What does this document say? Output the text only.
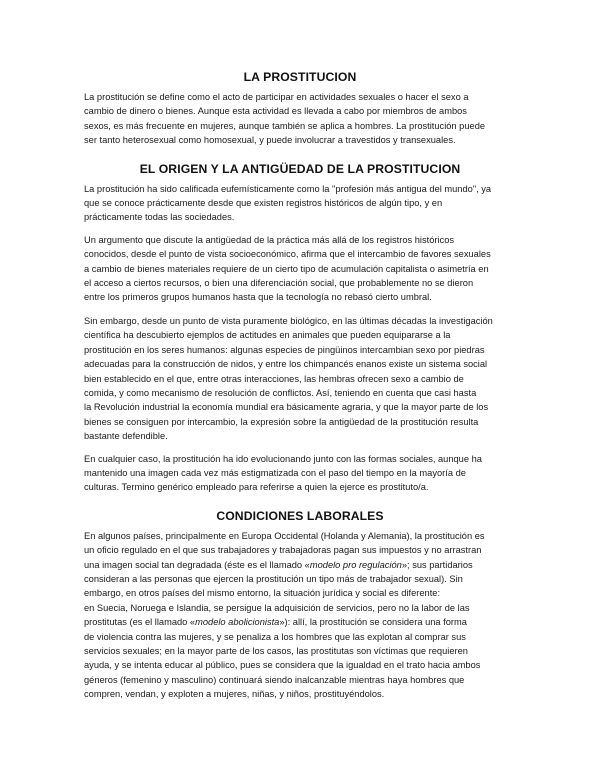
LA PROSTITUCION

La prostitución se define como el acto de participar en actividades sexuales o hacer el sexo a
cambio de dinero o bienes. Aunque esta actividad es llevada a cabo por miembros de ambos
sexos, es más frecuente en mujeres, aunque también se aplica a hombres. La prostitución puede
ser tanto heterosexual como homosexual, y puede involucrar a travestidos y transexuales.

EL ORIGEN Y LA ANTIGÜEDAD DE LA PROSTITUCION

La prostitución ha sido calificada eufemísticamente como la "profesión más antigua del mundo", ya
que se conoce prácticamente desde que existen registros históricos de algún tipo, y en
prácticamente todas las sociedades.

Un argumento que discute la antigüedad de la práctica más allá de los registros históricos
conocidos, desde el punto de vista socioeconómico, afirma que el intercambio de favores sexuales
a cambio de bienes materiales requiere de un cierto tipo de acumulación capitalista o asimetría en
el acceso a ciertos recursos, o bien una diferenciación social, que probablemente no se dieron
entre los primeros grupos humanos hasta que la tecnología no rebasó cierto umbral.

Sin embargo, desde un punto de vista puramente biológico, en las últimas décadas la investigación
científica ha descubierto ejemplos de actitudes en animales que pueden equipararse a la
prostitución en los seres humanos: algunas especies de pingüinos intercambian sexo por piedras
adecuadas para la construcción de nidos, y entre los chimpancés enanos existe un sistema social
bien establecido en el que, entre otras interacciones, las hembras ofrecen sexo a cambio de
comida, y como mecanismo de resolución de conflictos. Así, teniendo en cuenta que casi hasta
la Revolución industrial la economía mundial era básicamente agraria, y que la mayor parte de los
bienes se consiguen por intercambio, la expresión sobre la antigüedad de la prostitución resulta
bastante defendible.

En cualquier caso, la prostitución ha ido evolucionando junto con las formas sociales, aunque ha
mantenido una imagen cada vez más estigmatizada con el paso del tiempo en la mayoría de
culturas. Termino genérico empleado para referirse a quien la ejerce es prostituto/a.

CONDICIONES LABORALES

En algunos países, principalmente en Europa Occidental (Holanda y Alemania), la prostitución es
un oficio regulado en el que sus trabajadores y trabajadoras pagan sus impuestos y no arrastran
una imagen social tan degradada (éste es el llamado «modelo pro regulación»; sus partidarios
consideran a las personas que ejercen la prostitución un tipo más de trabajador sexual). Sin
embargo, en otros países del mismo entorno, la situación jurídica y social es diferente:
en Suecia, Noruega e Islandia, se persigue la adquisición de servicios, pero no la labor de las
prostitutas (es el llamado «modelo abolicionista»): allí, la prostitución se considera una forma
de violencia contra las mujeres, y se penaliza a los hombres que las explotan al comprar sus
servicios sexuales; en la mayor parte de los casos, las prostitutas son víctimas que requieren
ayuda, y se intenta educar al público, pues se considera que la igualdad en el trato hacia ambos
géneros (femenino y masculino) continuará siendo inalcanzable mientras haya hombres que
compren, vendan, y exploten a mujeres, niñas, y niños, prostituyéndolos.
